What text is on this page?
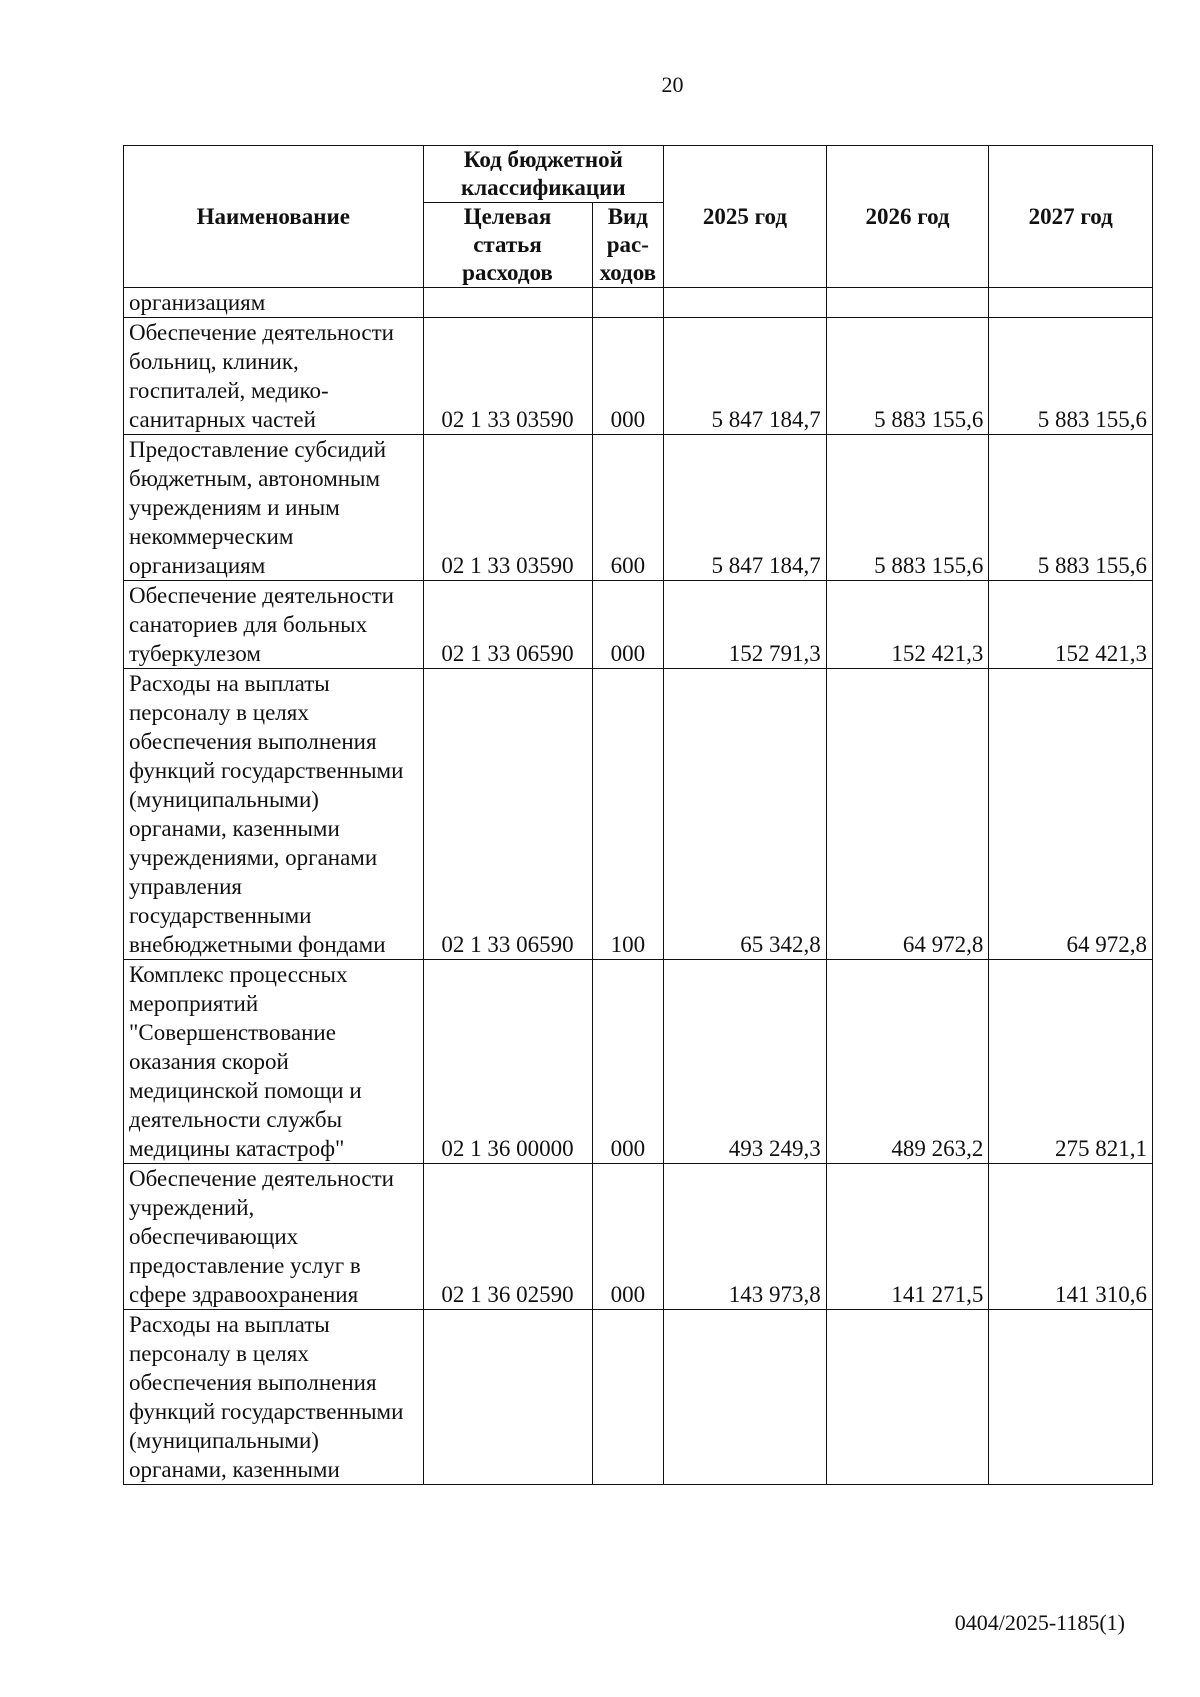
20
Наименование	Код бюджетной классификации		2025 год	2026 год	2027 год
	Целевая статья расходов	Вид рас-ходов			
организациям					
Обеспечение деятельности больниц, клиник, госпиталей, медико-санитарных частей	02 1 33 03590	000	5 847 184,7	5 883 155,6	5 883 155,6
Предоставление субсидий бюджетным, автономным учреждениям и иным некоммерческим организациям	02 1 33 03590	600	5 847 184,7	5 883 155,6	5 883 155,6
Обеспечение деятельности санаториев для больных туберкулезом	02 1 33 06590	000	152 791,3	152 421,3	152 421,3
Расходы на выплаты персоналу в целях обеспечения выполнения функций государственными (муниципальными) органами, казенными учреждениями, органами управления государственными внебюджетными фондами	02 1 33 06590	100	65 342,8	64 972,8	64 972,8
Комплекс процессных мероприятий "Совершенствование оказания скорой медицинской помощи и деятельности службы медицины катастроф"	02 1 36 00000	000	493 249,3	489 263,2	275 821,1
Обеспечение деятельности учреждений, обеспечивающих предоставление услуг в сфере здравоохранения	02 1 36 02590	000	143 973,8	141 271,5	141 310,6
Расходы на выплаты персоналу в целях обеспечения выполнения функций государственными (муниципальными) органами, казенными					
0404/2025-1185(1)
